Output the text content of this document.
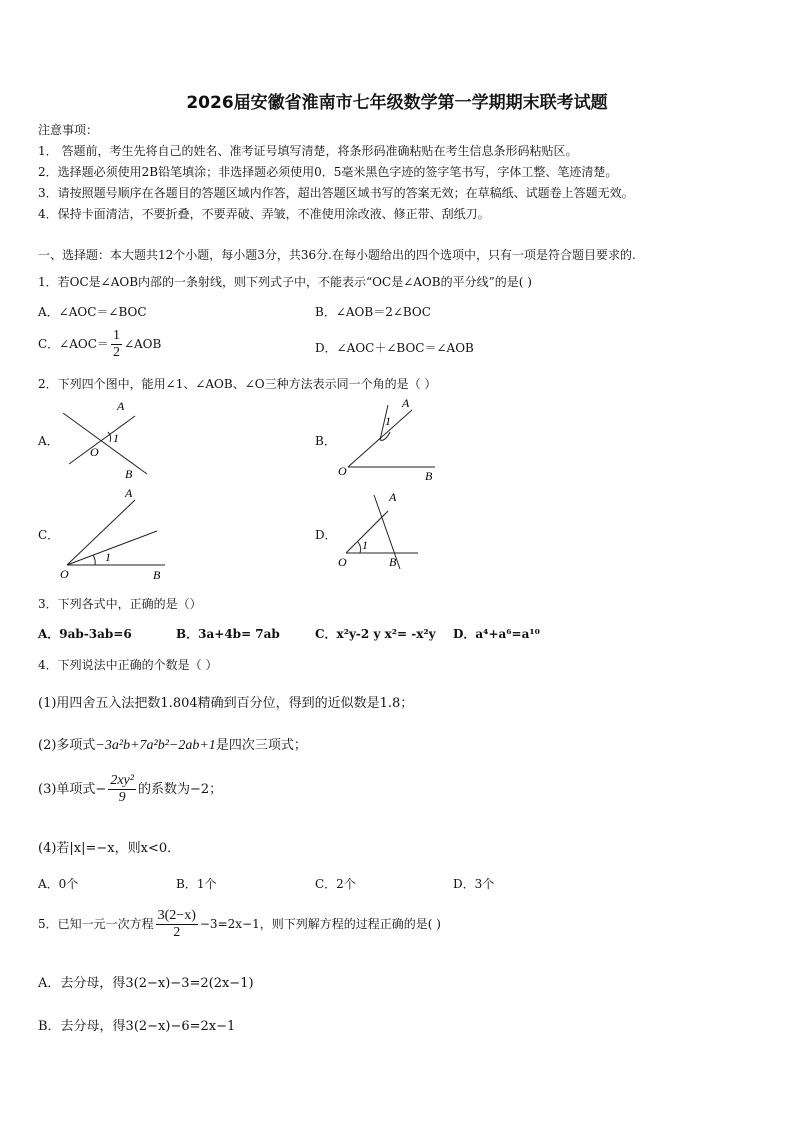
2026届安徽省淮南市七年级数学第一学期期末联考试题
注意事项：
1． 答题前，考生先将自己的姓名、准考证号填写清楚，将条形码准确粘贴在考生信息条形码粘贴区。
2．选择题必须使用2B铅笔填涂；非选择题必须使用0．5毫米黑色字迹的签字笔书写，字体工整、笔迹清楚。
3．请按照题号顺序在各题目的答题区域内作答，超出答题区域书写的答案无效；在草稿纸、试题卷上答题无效。
4．保持卡面清洁，不要折叠，不要弄破、弄皱，不准使用涂改液、修正带、刮纸刀。
一、选择题：本大题共12个小题，每小题3分，共36分.在每小题给出的四个选项中，只有一项是符合题目要求的.
1．若OC是∠AOB内部的一条射线，则下列式子中，不能表示“OC是∠AOB的平分线”的是( )
A．∠AOC＝∠BOC	B．∠AOB＝2∠BOC
C．∠AOC＝ $\frac{1}{2}$ ∠AOB	D．∠AOC＋∠BOC＝∠AOB
2．下列四个图中，能用∠1、∠AOB、∠O三种方法表示同一个角的是（ ）
A．	B．
C．	D．
A
O
1
B
A
1
O	B
A
1
O	B
A
1
O	B
3．下列各式中，正确的是（）
A．9ab-3ab=6	B．3a+4b= 7ab	C．x²y-2 y x²= -x²y D．a⁴+a⁶=a¹⁰
4．下列说法中正确的个数是（ ）
(1)用四舍五入法把数1.804精确到百分位，得到的近似数是1.8；
(2)多项式−3a²b+7a²b²−2ab+1是四次三项式；
(3)单项式− $\frac{\text{2xy²}}{9}$ 的系数为−2；
(4)若|x|=−x，则x<0．
A．0个	B．1个	C．2个	D．3个
5．已知一元一次方程 $\frac{3(2-x)}{2} -3=2x-1$，则下列解方程的过程正确的是( )
A．去分母，得3(2−x)−3=2(2x−1)
B．去分母，得3(2−x)−6=2x−1
